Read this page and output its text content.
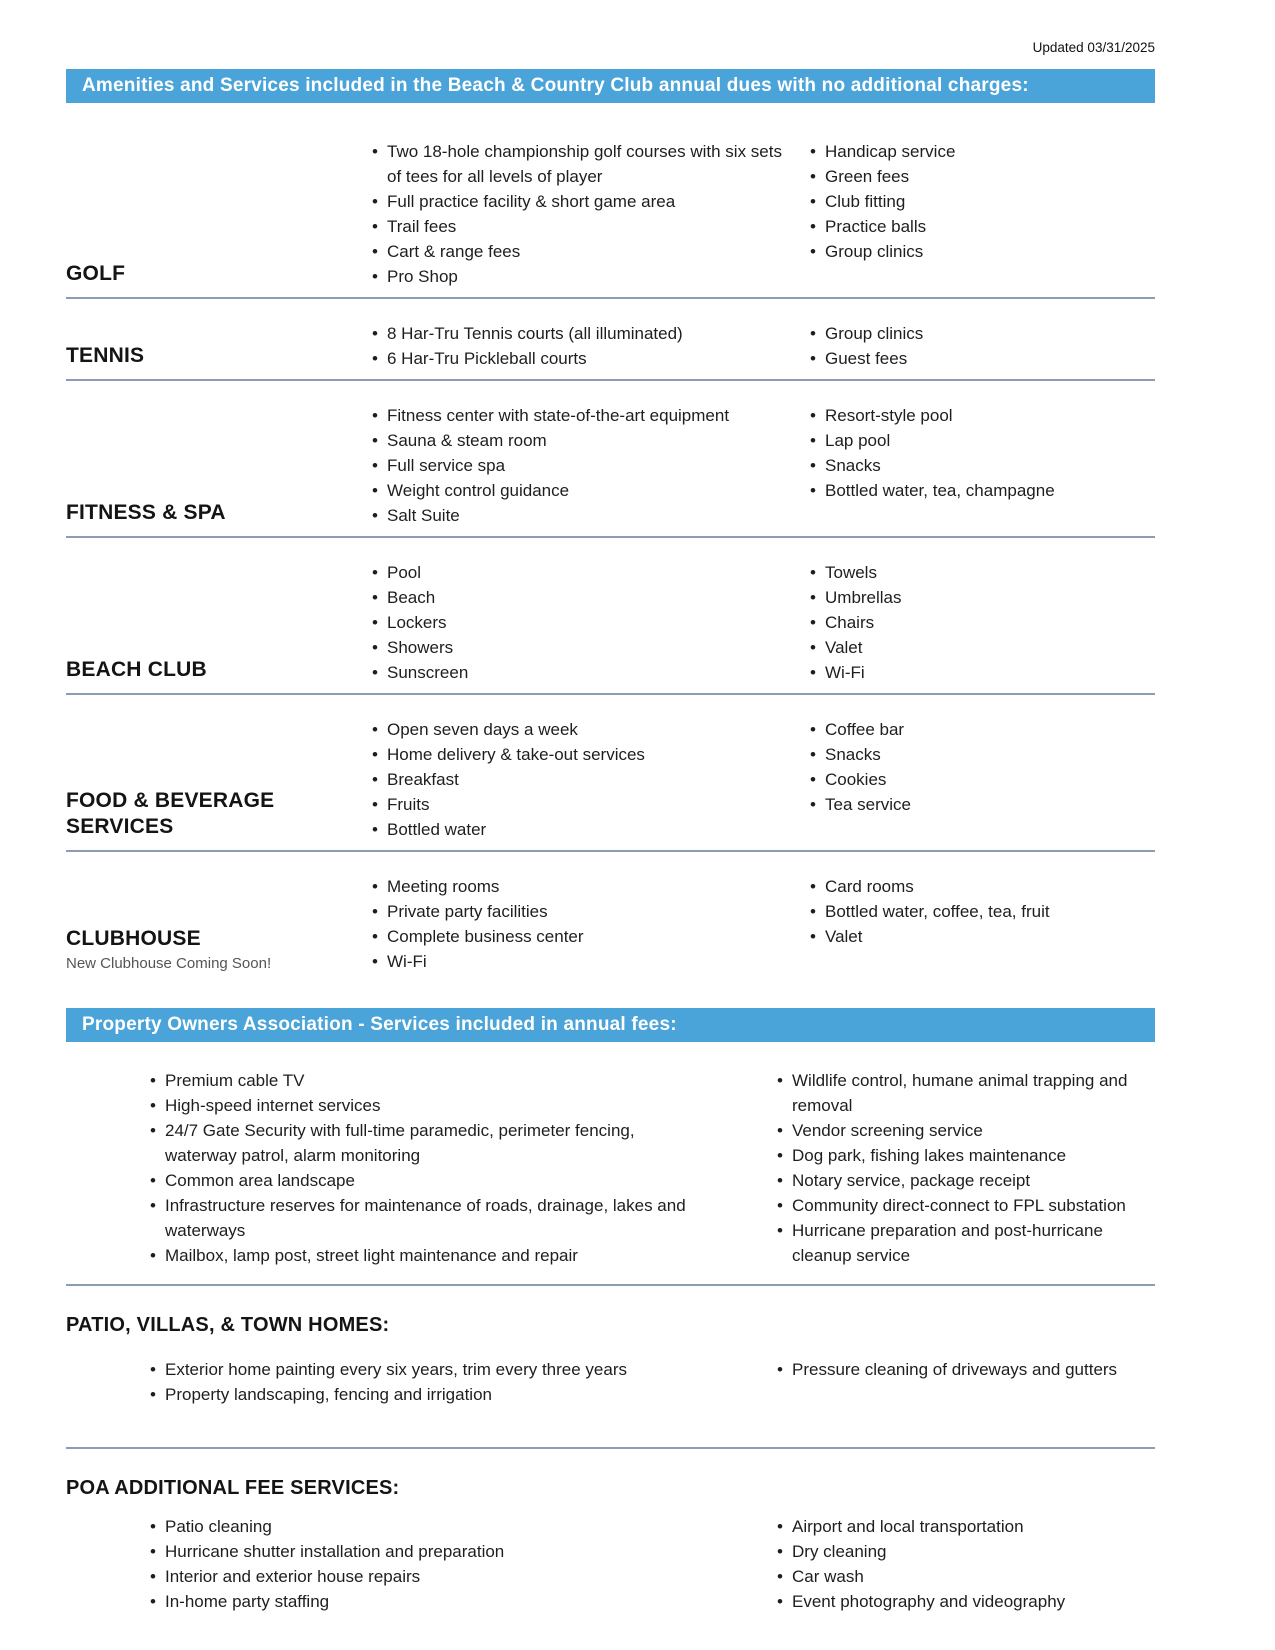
Updated 03/31/2025
Amenities and Services included in the Beach & Country Club annual dues with no additional charges:
GOLF
• Two 18-hole championship golf courses with six sets of tees for all levels of player
• Full practice facility & short game area
• Trail fees
• Cart & range fees
• Pro Shop
• Handicap service
• Green fees
• Club fitting
• Practice balls
• Group clinics
TENNIS
• 8 Har-Tru Tennis courts (all illuminated)
• 6 Har-Tru Pickleball courts
• Group clinics
• Guest fees
FITNESS & SPA
• Fitness center with state-of-the-art equipment
• Sauna & steam room
• Full service spa
• Weight control guidance
• Salt Suite
• Resort-style pool
• Lap pool
• Snacks
• Bottled water, tea, champagne
BEACH CLUB
• Pool
• Beach
• Lockers
• Showers
• Sunscreen
• Towels
• Umbrellas
• Chairs
• Valet
• Wi-Fi
FOOD & BEVERAGE SERVICES
• Open seven days a week
• Home delivery & take-out services
• Breakfast
• Fruits
• Bottled water
• Coffee bar
• Snacks
• Cookies
• Tea service
CLUBHOUSE
New Clubhouse Coming Soon!
• Meeting rooms
• Private party facilities
• Complete business center
• Wi-Fi
• Card rooms
• Bottled water, coffee, tea, fruit
• Valet
Property Owners Association - Services included in annual fees:
• Premium cable TV
• High-speed internet services
• 24/7 Gate Security with full-time paramedic, perimeter fencing, waterway patrol, alarm monitoring
• Common area landscape
• Infrastructure reserves for maintenance of roads, drainage, lakes and waterways
• Mailbox, lamp post, street light maintenance and repair
• Wildlife control, humane animal trapping and removal
• Vendor screening service
• Dog park, fishing lakes maintenance
• Notary service, package receipt
• Community direct-connect to FPL substation
• Hurricane preparation and post-hurricane cleanup service
PATIO, VILLAS, & TOWN HOMES:
• Exterior home painting every six years, trim every three years
• Property landscaping, fencing and irrigation
• Pressure cleaning of driveways and gutters
POA ADDITIONAL FEE SERVICES:
• Patio cleaning
• Hurricane shutter installation and preparation
• Interior and exterior house repairs
• In-home party staffing
• Airport and local transportation
• Dry cleaning
• Car wash
• Event photography and videography
